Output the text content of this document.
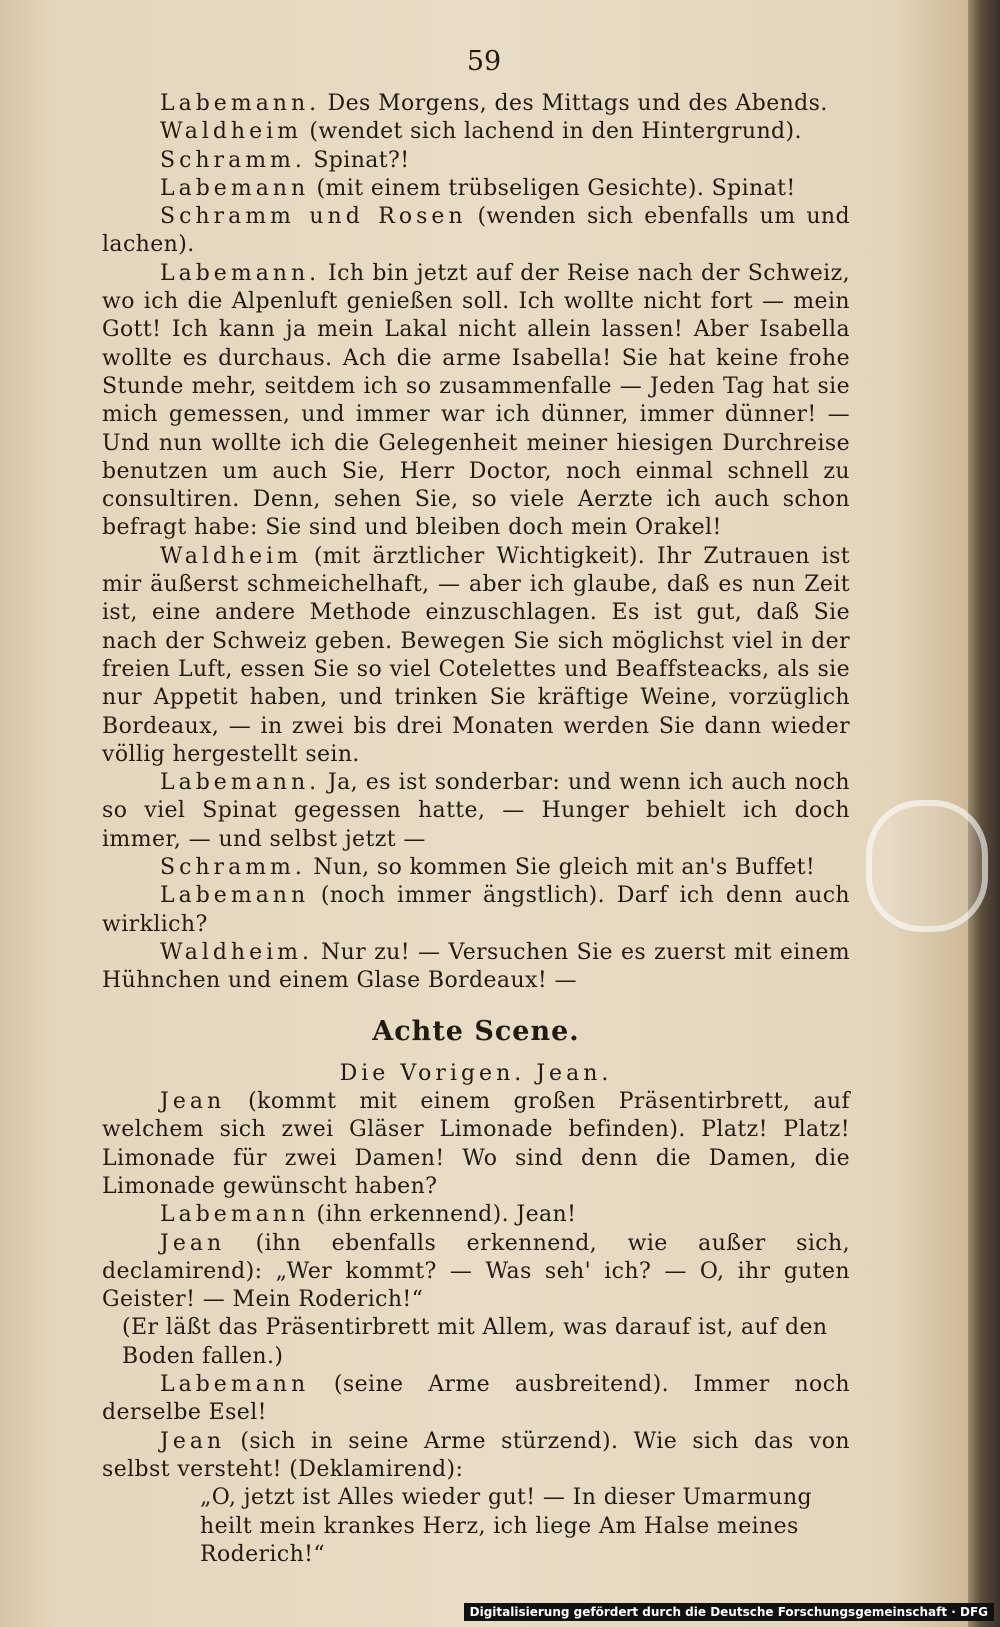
59

Labemann. Des Morgens, des Mittags und des Abends.

Waldheim (wendet sich lachend in den Hintergrund).

Schramm. Spinat?!

Labemann (mit einem trübseligen Gesichte). Spinat!

Schramm und Rosen (wenden sich ebenfalls um und lachen).

Labemann. Ich bin jetzt auf der Reise nach der Schweiz, wo ich die Alpenluft genießen soll. Ich wollte nicht fort — mein Gott! Ich kann ja mein Lakal nicht allein lassen! Aber Isabella wollte es durchaus. Ach die arme Isabella! Sie hat keine frohe Stunde mehr, seitdem ich so zusammenfalle — Jeden Tag hat sie mich gemessen, und immer war ich dünner, immer dünner! — Und nun wollte ich die Gelegenheit meiner hiesigen Durchreise benutzen um auch Sie, Herr Doctor, noch einmal schnell zu consultiren. Denn, sehen Sie, so viele Aerzte ich auch schon befragt habe: Sie sind und bleiben doch mein Orakel!

Waldheim (mit ärztlicher Wichtigkeit). Ihr Zutrauen ist mir äußerst schmeichelhaft, — aber ich glaube, daß es nun Zeit ist, eine andere Methode einzuschlagen. Es ist gut, daß Sie nach der Schweiz geben. Bewegen Sie sich möglichst viel in der freien Luft, essen Sie so viel Cotelettes und Beaffsteacks, als sie nur Appetit haben, und trinken Sie kräftige Weine, vorzüglich Bordeaux, — in zwei bis drei Monaten werden Sie dann wieder völlig hergestellt sein.

Labemann. Ja, es ist sonderbar: und wenn ich auch noch so viel Spinat gegessen hatte, — Hunger behielt ich doch immer, — und selbst jetzt —

Schramm. Nun, so kommen Sie gleich mit an's Buffet!

Labemann (noch immer ängstlich). Darf ich denn auch wirklich?

Waldheim. Nur zu! — Versuchen Sie es zuerst mit einem Hühnchen und einem Glase Bordeaux! —

Achte Scene.

Die Vorigen. Jean.

Jean (kommt mit einem großen Präsentirbrett, auf welchem sich zwei Gläser Limonade befinden). Platz! Platz! Limonade für zwei Damen! Wo sind denn die Damen, die Limonade gewünscht haben?

Labemann (ihn erkennend). Jean!

Jean (ihn ebenfalls erkennend, wie außer sich, declamirend): „Wer kommt? — Was seh' ich? — O, ihr guten Geister! — Mein Roderich!“

(Er läßt das Präsentirbrett mit Allem, was darauf ist, auf den Boden fallen.)

Labemann (seine Arme ausbreitend). Immer noch derselbe Esel!

Jean (sich in seine Arme stürzend). Wie sich das von selbst versteht! (Deklamirend):

„O, jetzt ist Alles wieder gut! — In dieser Umarmung heilt mein krankes Herz, ich liege Am Halse meines Roderich!“

Digitalisierung gefördert durch die Deutsche Forschungsgemeinschaft · DFG
